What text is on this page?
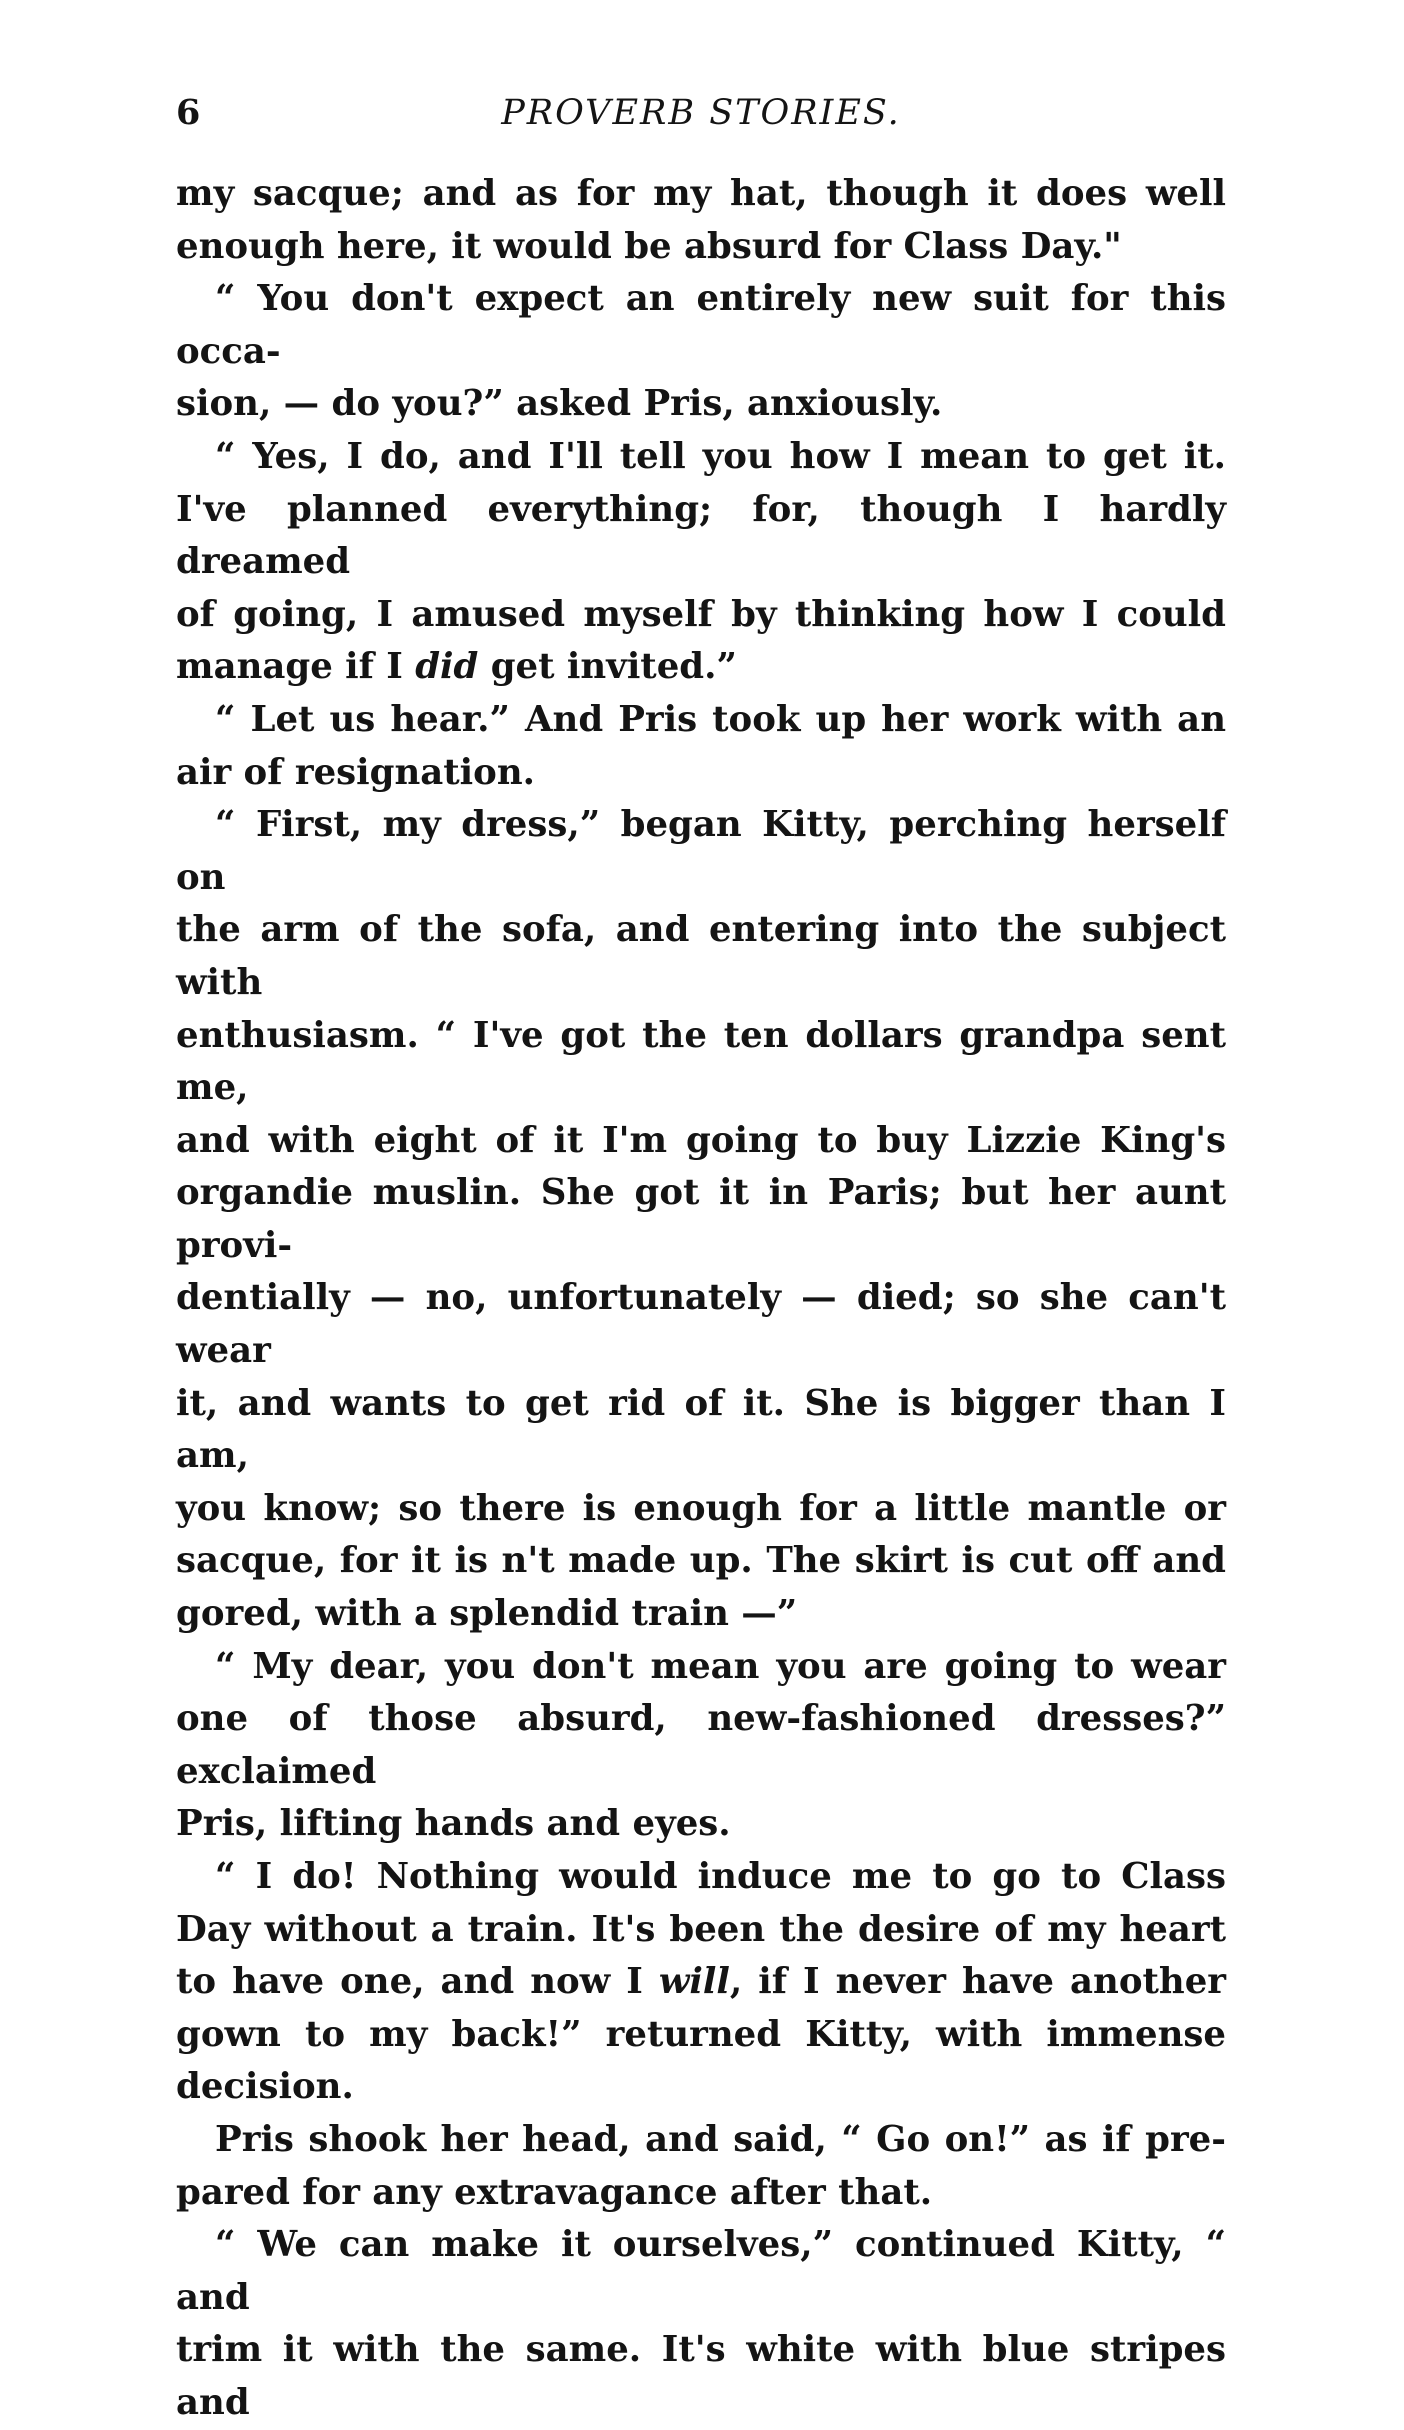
6	PROVERB STORIES.
my sacque; and as for my hat, though it does well
enough here, it would be absurd for Class Day."
“ You don't expect an entirely new suit for this occa-
sion, — do you?” asked Pris, anxiously.
“ Yes, I do, and I'll tell you how I mean to get it.
I've planned everything; for, though I hardly dreamed
of going, I amused myself by thinking how I could
manage if I did get invited.”
“ Let us hear.” And Pris took up her work with an
air of resignation.
“ First, my dress,” began Kitty, perching herself on
the arm of the sofa, and entering into the subject with
enthusiasm. “ I've got the ten dollars grandpa sent me,
and with eight of it I'm going to buy Lizzie King's
organdie muslin. She got it in Paris; but her aunt provi-
dentially — no, unfortunately — died; so she can't wear
it, and wants to get rid of it. She is bigger than I am,
you know; so there is enough for a little mantle or
sacque, for it is n't made up. The skirt is cut off and
gored, with a splendid train —”
“ My dear, you don't mean you are going to wear
one of those absurd, new-fashioned dresses?” exclaimed
Pris, lifting hands and eyes.
“ I do! Nothing would induce me to go to Class
Day without a train. It's been the desire of my heart
to have one, and now I will, if I never have another
gown to my back!” returned Kitty, with immense
decision.
Pris shook her head, and said, “ Go on!” as if pre-
pared for any extravagance after that.
“ We can make it ourselves,” continued Kitty, “ and
trim it with the same. It's white with blue stripes and
